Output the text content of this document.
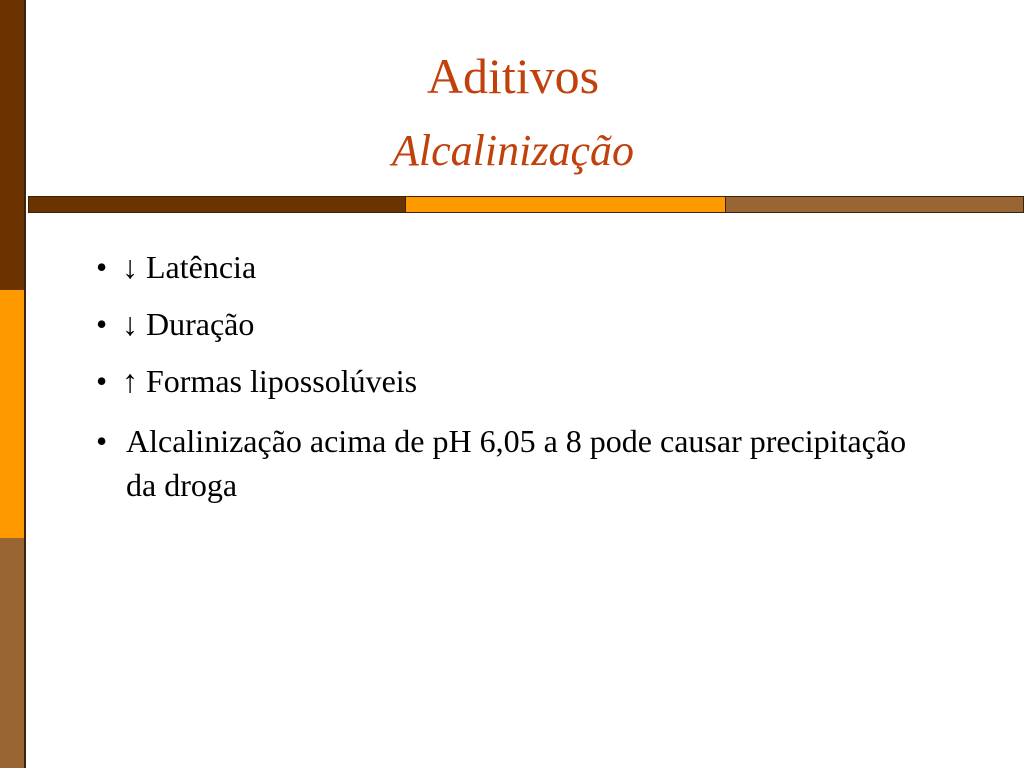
Aditivos
Alcalinização
• ↓ Latência
• ↓ Duração
• ↑ Formas lipossolúveis
• Alcalinização acima de pH 6,05 a 8 pode causar precipitação da droga
